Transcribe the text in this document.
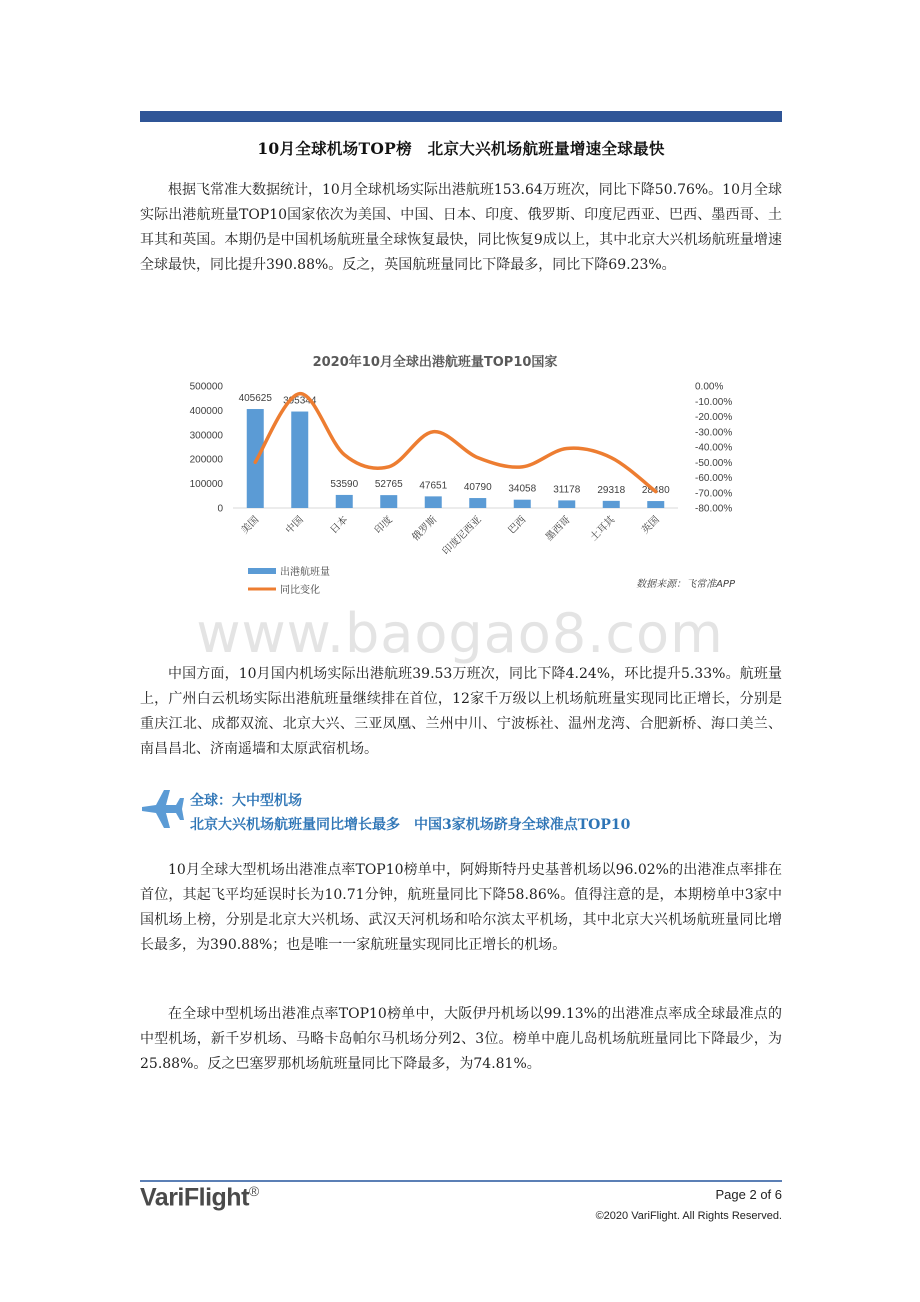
10月全球机场TOP榜　北京大兴机场航班量增速全球最快

根据飞常准大数据统计，10月全球机场实际出港航班153.64万班次，同比下降50.76%。10月全球实际出港航班量TOP10国家依次为美国、中国、日本、印度、俄罗斯、印度尼西亚、巴西、墨西哥、土耳其和英国。本期仍是中国机场航班量全球恢复最快，同比恢复9成以上，其中北京大兴机场航班量增速全球最快，同比提升390.88%。反之，英国航班量同比下降最多，同比下降69.23%。

2020年10月全球出港航班量TOP10国家
0
100000
200000
300000
400000
500000	0.00%
-10.00%
-20.00%
-30.00%
-40.00%
-50.00%
-60.00%
-70.00%
-80.00%
405625 395344
53590 52765 47651 40790 34058 31178 29318 28480
美国 中国 日本 印度 俄罗斯 印度尼西亚 巴西 墨西哥 土耳其 英国
出港航班量
同比变化
数据来源：飞常准APP
www.baogao8.com

中国方面，10月国内机场实际出港航班39.53万班次，同比下降4.24%，环比提升5.33%。航班量上，广州白云机场实际出港航班量继续排在首位，12家千万级以上机场航班量实现同比正增长，分别是重庆江北、成都双流、北京大兴、三亚凤凰、兰州中川、宁波栎社、温州龙湾、合肥新桥、海口美兰、南昌昌北、济南遥墙和太原武宿机场。

全球：大中型机场
北京大兴机场航班量同比增长最多　中国3家机场跻身全球准点TOP10

10月全球大型机场出港准点率TOP10榜单中，阿姆斯特丹史基普机场以96.02%的出港准点率排在首位，其起飞平均延误时长为10.71分钟，航班量同比下降58.86%。值得注意的是，本期榜单中3家中国机场上榜，分别是北京大兴机场、武汉天河机场和哈尔滨太平机场，其中北京大兴机场航班量同比增长最多，为390.88%；也是唯一一家航班量实现同比正增长的机场。

在全球中型机场出港准点率TOP10榜单中，大阪伊丹机场以99.13%的出港准点率成全球最准点的中型机场，新千岁机场、马略卡岛帕尔马机场分列2、3位。榜单中鹿儿岛机场航班量同比下降最少，为25.88%。反之巴塞罗那机场航班量同比下降最多，为74.81%。

VariFlight®	Page 2 of 6
©2020 VariFlight. All Rights Reserved.
